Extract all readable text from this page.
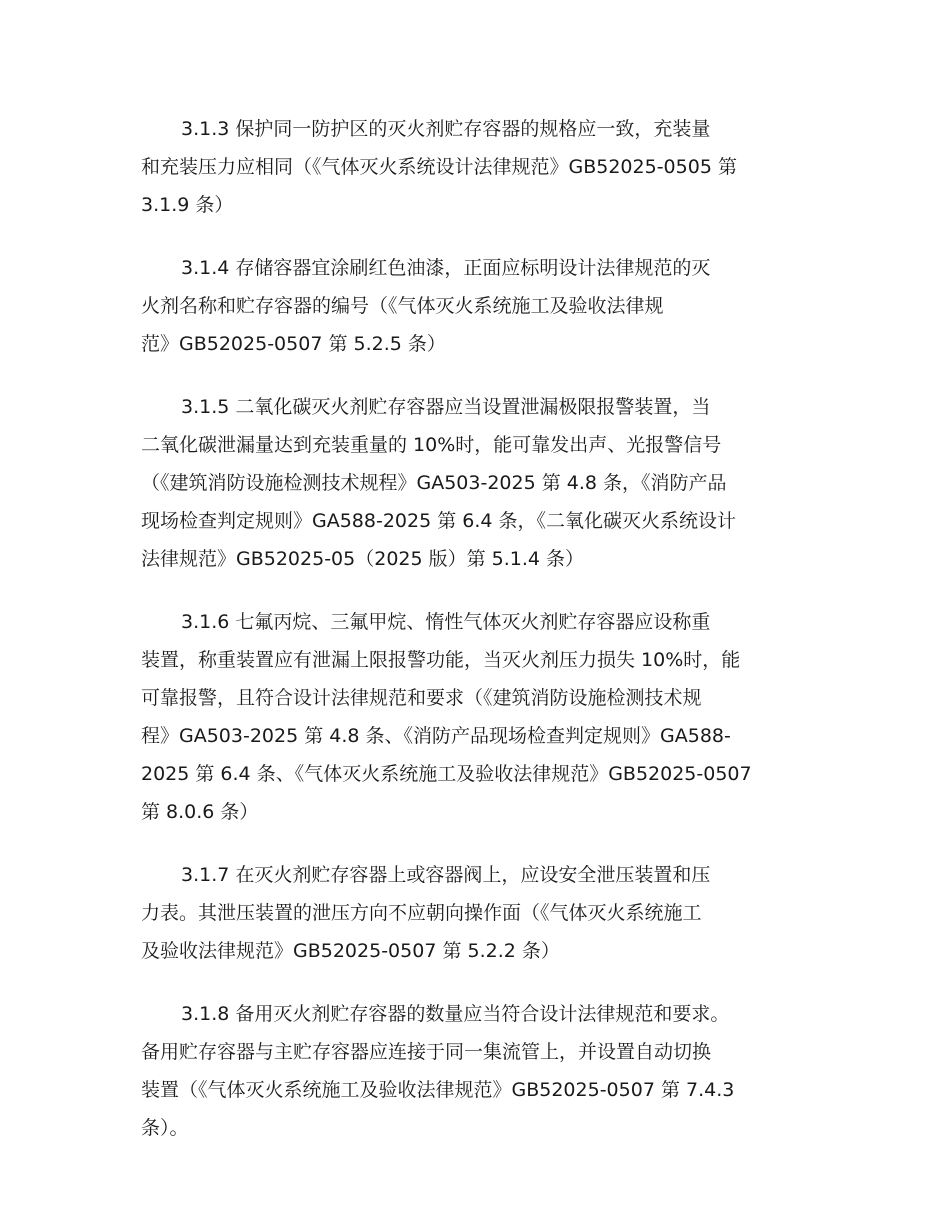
3.1.3 保护同一防护区的灭火剂贮存容器的规格应一致，充装量
和充装压力应相同（《气体灭火系统设计法律规范》GB52025-0505 第
3.1.9 条）

3.1.4 存储容器宜涂刷红色油漆，正面应标明设计法律规范的灭
火剂名称和贮存容器的编号（《气体灭火系统施工及验收法律规
范》GB52025-0507 第 5.2.5 条）

3.1.5 二氧化碳灭火剂贮存容器应当设置泄漏极限报警装置，当
二氧化碳泄漏量达到充装重量的 10%时，能可靠发出声、光报警信号
（《建筑消防设施检测技术规程》GA503-2025 第 4.8 条，《消防产品
现场检查判定规则》GA588-2025 第 6.4 条，《二氧化碳灭火系统设计
法律规范》GB52025-05（2025 版）第 5.1.4 条）

3.1.6 七氟丙烷、三氟甲烷、惰性气体灭火剂贮存容器应设称重
装置，称重装置应有泄漏上限报警功能，当灭火剂压力损失 10%时，能
可靠报警，且符合设计法律规范和要求（《建筑消防设施检测技术规
程》GA503-2025 第 4.8 条、《消防产品现场检查判定规则》GA588-
2025 第 6.4 条、《气体灭火系统施工及验收法律规范》GB52025-0507
第 8.0.6 条）

3.1.7 在灭火剂贮存容器上或容器阀上，应设安全泄压装置和压
力表。其泄压装置的泄压方向不应朝向操作面（《气体灭火系统施工
及验收法律规范》GB52025-0507 第 5.2.2 条）

3.1.8 备用灭火剂贮存容器的数量应当符合设计法律规范和要求。
备用贮存容器与主贮存容器应连接于同一集流管上，并设置自动切换
装置（《气体灭火系统施工及验收法律规范》GB52025-0507 第 7.4.3
条）。
